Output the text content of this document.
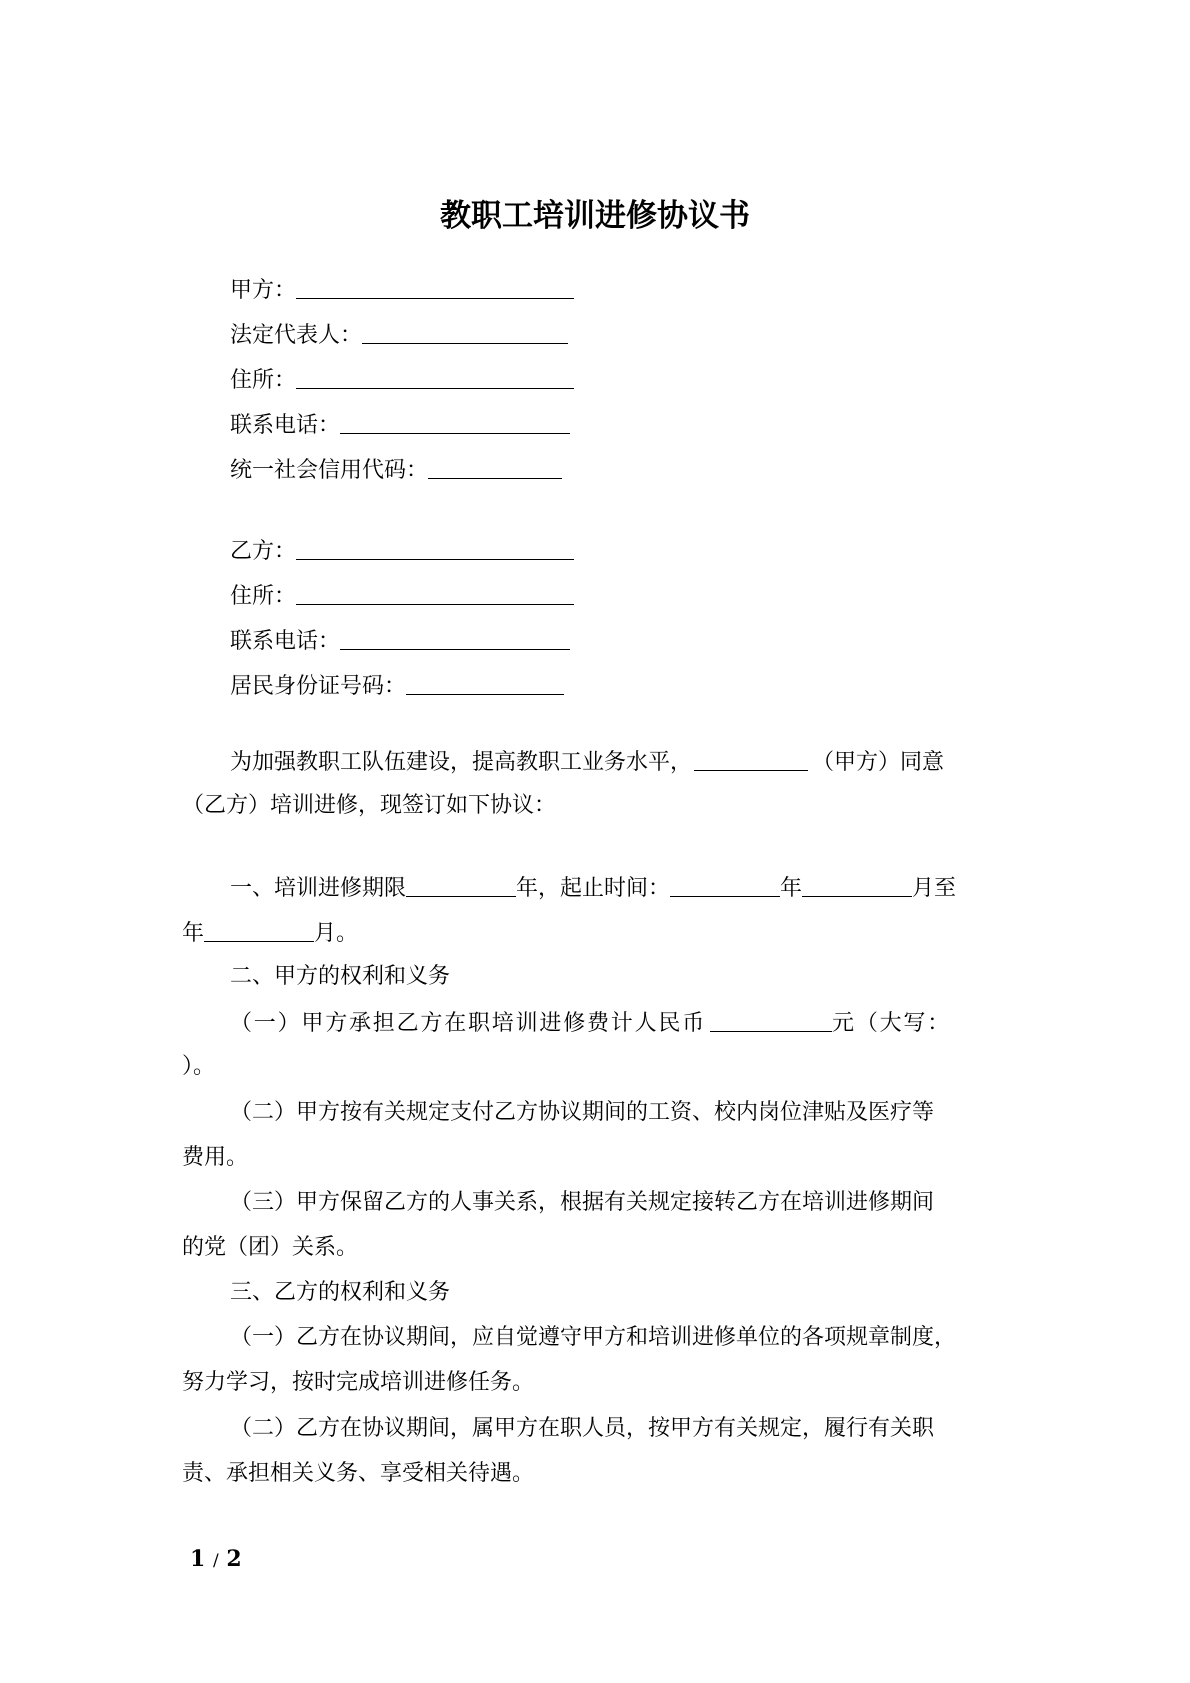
教职工培训进修协议书
甲方：
法定代表人：
住所：
联系电话：
统一社会信用代码：
乙方：
住所：
联系电话：
居民身份证号码：
为加强教职工队伍建设，提高教职工业务水平，	（甲方）同意
（乙方）培训进修，现签订如下协议：
一、培训进修期限	年，起止时间：	年	月至
年	月。
二、甲方的权利和义务
（一）甲方承担乙方在职培训进修费计人民币	元（大写：
）。
（二）甲方按有关规定支付乙方协议期间的工资、校内岗位津贴及医疗等
费用。
（三）甲方保留乙方的人事关系，根据有关规定接转乙方在培训进修期间
的党（团）关系。
三、乙方的权利和义务
（一）乙方在协议期间，应自觉遵守甲方和培训进修单位的各项规章制度，
努力学习，按时完成培训进修任务。
（二）乙方在协议期间，属甲方在职人员，按甲方有关规定，履行有关职
责、承担相关义务、享受相关待遇。
1 / 2
